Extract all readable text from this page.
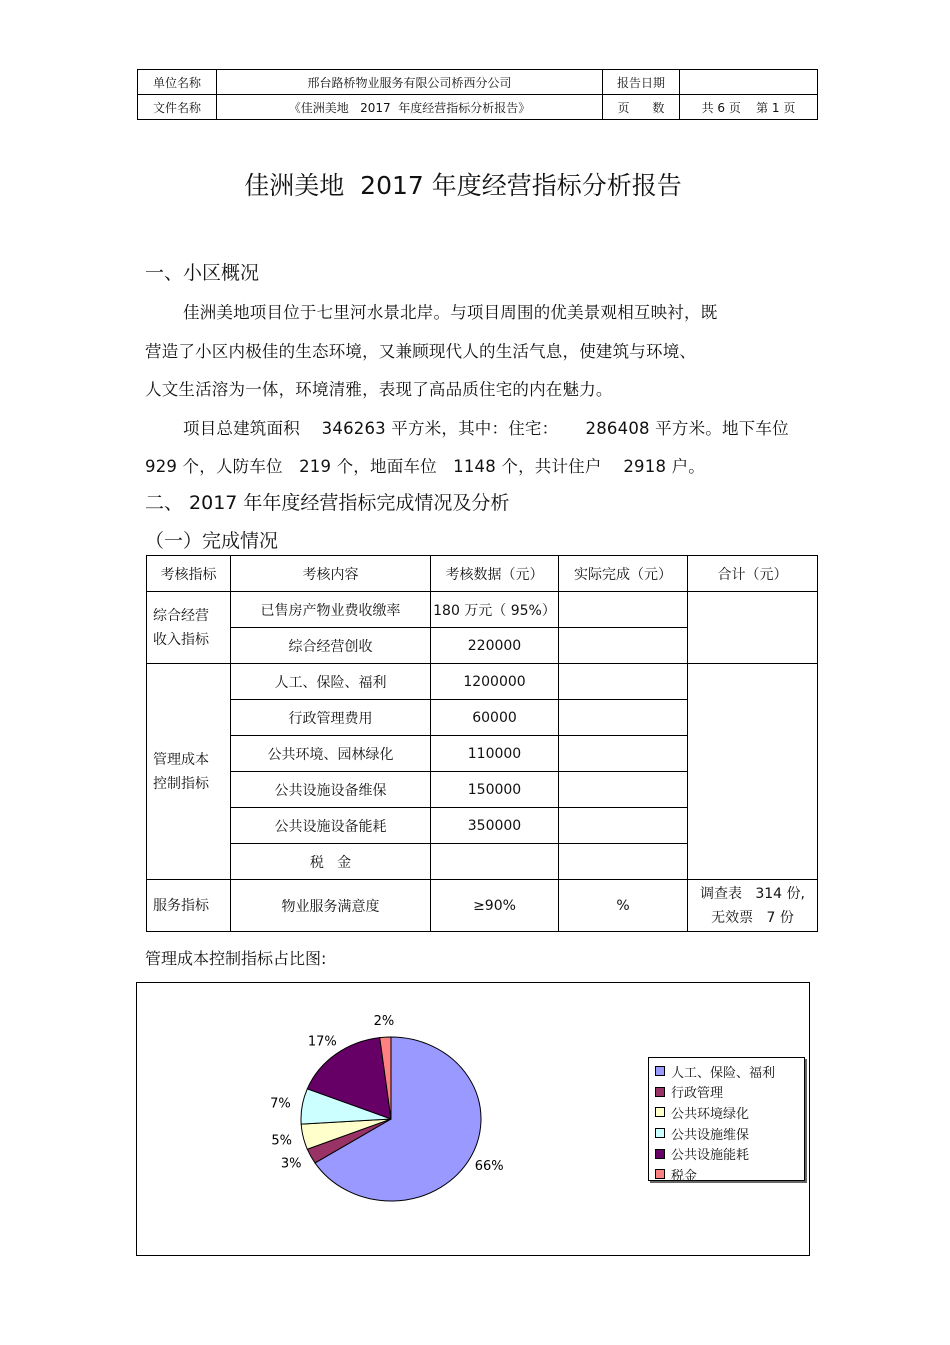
单位名称	邢台路桥物业服务有限公司桥西分公司	报告日期	
文件名称	《佳洲美地   2017  年度经营指标分析报告》	页      数	共 6 页    第 1 页
佳洲美地  2017 年度经营指标分析报告
一、小区概况
佳洲美地项目位于七里河水景北岸。与项目周围的优美景观相互映衬，既
营造了小区内极佳的生态环境，又兼顾现代人的生活气息，使建筑与环境、
人文生活溶为一体，环境清雅，表现了高品质住宅的内在魅力。
项目总建筑面积    346263 平方米，其中：住宅：     286408 平方米。地下车位
929 个，人防车位   219 个，地面车位   1148 个，共计住户    2918 户。
二、 2017 年年度经营指标完成情况及分析
（一）完成情况
考核指标	考核内容	考核数据（元）	实际完成（元）	合计（元）
综合经营收入指标	已售房产物业费收缴率	180 万元（ 95%）		
	综合经营创收	220000		
管理成本控制指标	人工、保险、福利	1200000		
	行政管理费用	60000		
	公共环境、园林绿化	110000		
	公共设施设备维保	150000		
	公共设施设备能耗	350000		
	税   金			
服务指标	物业服务满意度	≥90%	%	调查表   314 份,
无效票   7 份
管理成本控制指标占比图:
66%
3%
5%
7%
17%
2%
人工、保险、福利
行政管理
公共环境绿化
公共设施维保
公共设施能耗
税金
